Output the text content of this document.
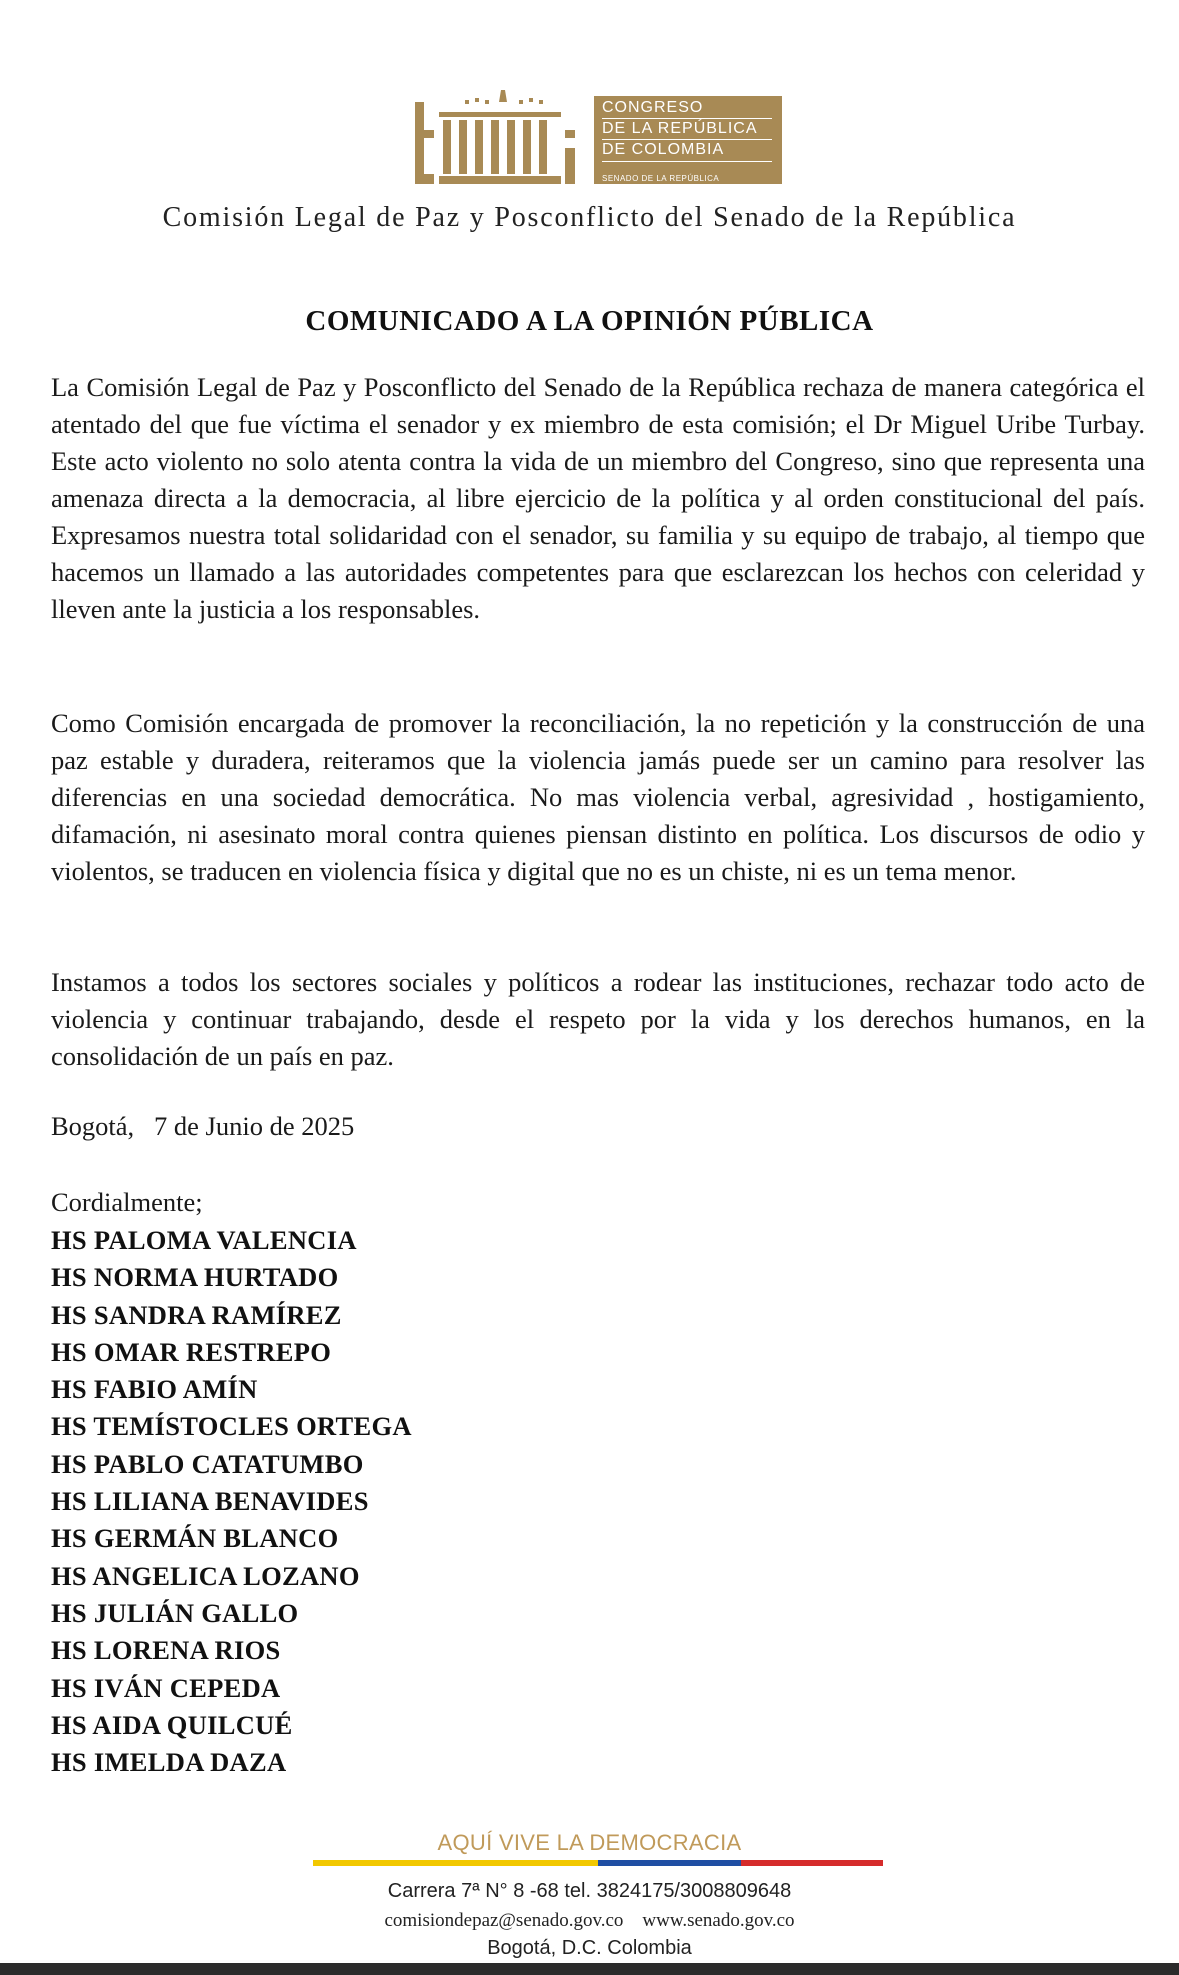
CONGRESO
DE LA REPÚBLICA
DE COLOMBIA
SENADO DE LA REPÚBLICA
Comisión Legal de Paz y Posconflicto del Senado de la República
COMUNICADO A LA OPINIÓN PÚBLICA
La Comisión Legal de Paz y Posconflicto del Senado de la República rechaza de manera categórica el atentado del que fue víctima el senador y ex miembro de esta comisión; el Dr Miguel Uribe Turbay. Este acto violento no solo atenta contra la vida de un miembro del Congreso, sino que representa una amenaza directa a la democracia, al libre ejercicio de la política y al orden constitucional del país. Expresamos nuestra total solidaridad con el senador, su familia y su equipo de trabajo, al tiempo que hacemos un llamado a las autoridades competentes para que esclarezcan los hechos con celeridad y lleven ante la justicia a los responsables.
Como Comisión encargada de promover la reconciliación, la no repetición y la construcción de una paz estable y duradera, reiteramos que la violencia jamás puede ser un camino para resolver las diferencias en una sociedad democrática. No mas violencia verbal, agresividad , hostigamiento, difamación, ni asesinato moral contra quienes piensan distinto en política. Los discursos de odio y violentos, se traducen en violencia física y digital que no es un chiste, ni es un tema menor.
Instamos a todos los sectores sociales y políticos a rodear las instituciones, rechazar todo acto de violencia y continuar trabajando, desde el respeto por la vida y los derechos humanos, en la consolidación de un país en paz.
Bogotá,   7 de Junio de 2025
Cordialmente;
HS PALOMA VALENCIA
HS NORMA HURTADO
HS SANDRA RAMÍREZ
HS OMAR RESTREPO
HS FABIO AMÍN
HS TEMÍSTOCLES ORTEGA
HS PABLO CATATUMBO
HS LILIANA BENAVIDES
HS GERMÁN BLANCO
HS ANGELICA LOZANO
HS JULIÁN GALLO
HS LORENA RIOS
HS IVÁN CEPEDA
HS AIDA QUILCUÉ
HS IMELDA DAZA
AQUÍ VIVE LA DEMOCRACIA
Carrera 7ª N° 8 -68 tel. 3824175/3008809648
comisiondepaz@senado.gov.co    www.senado.gov.co
Bogotá, D.C. Colombia
